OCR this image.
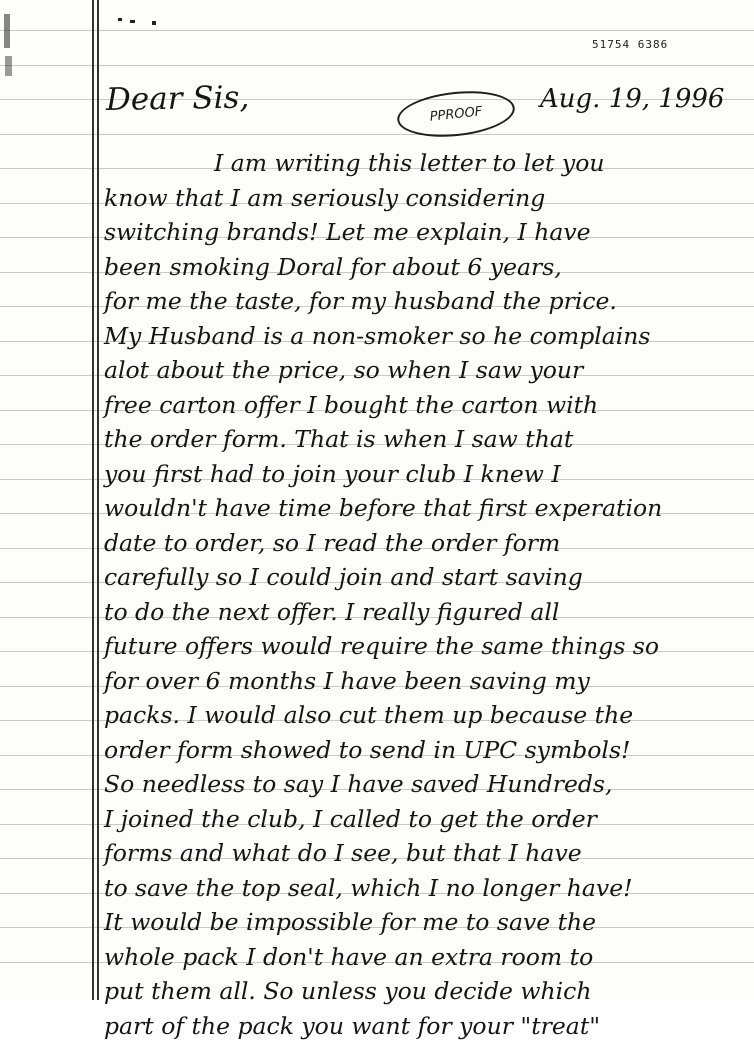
51754 6386
Dear Sis,	PPROOF Aug. 19, 1996
I am writing this letter to let you
know that I am seriously considering
switching brands! Let me explain, I have
been smoking Doral for about 6 years,
for me the taste, for my husband the price.
My Husband is a non-smoker so he complains
alot about the price, so when I saw your
free carton offer I bought the carton with
the order form. That is when I saw that
you first had to join your club I knew I
wouldn't have time before that first experation
date to order, so I read the order form
carefully so I could join and start saving
to do the next offer. I really figured all
future offers would require the same things so
for over 6 months I have been saving my
packs. I would also cut them up because the
order form showed to send in UPC symbols!
So needless to say I have saved Hundreds,
I joined the club, I called to get the order
forms and what do I see, but that I have
to save the top seal, which I no longer have!
It would be impossible for me to save the
whole pack I don't have an extra room to
put them all. So unless you decide which
part of the pack you want for your "treat"
